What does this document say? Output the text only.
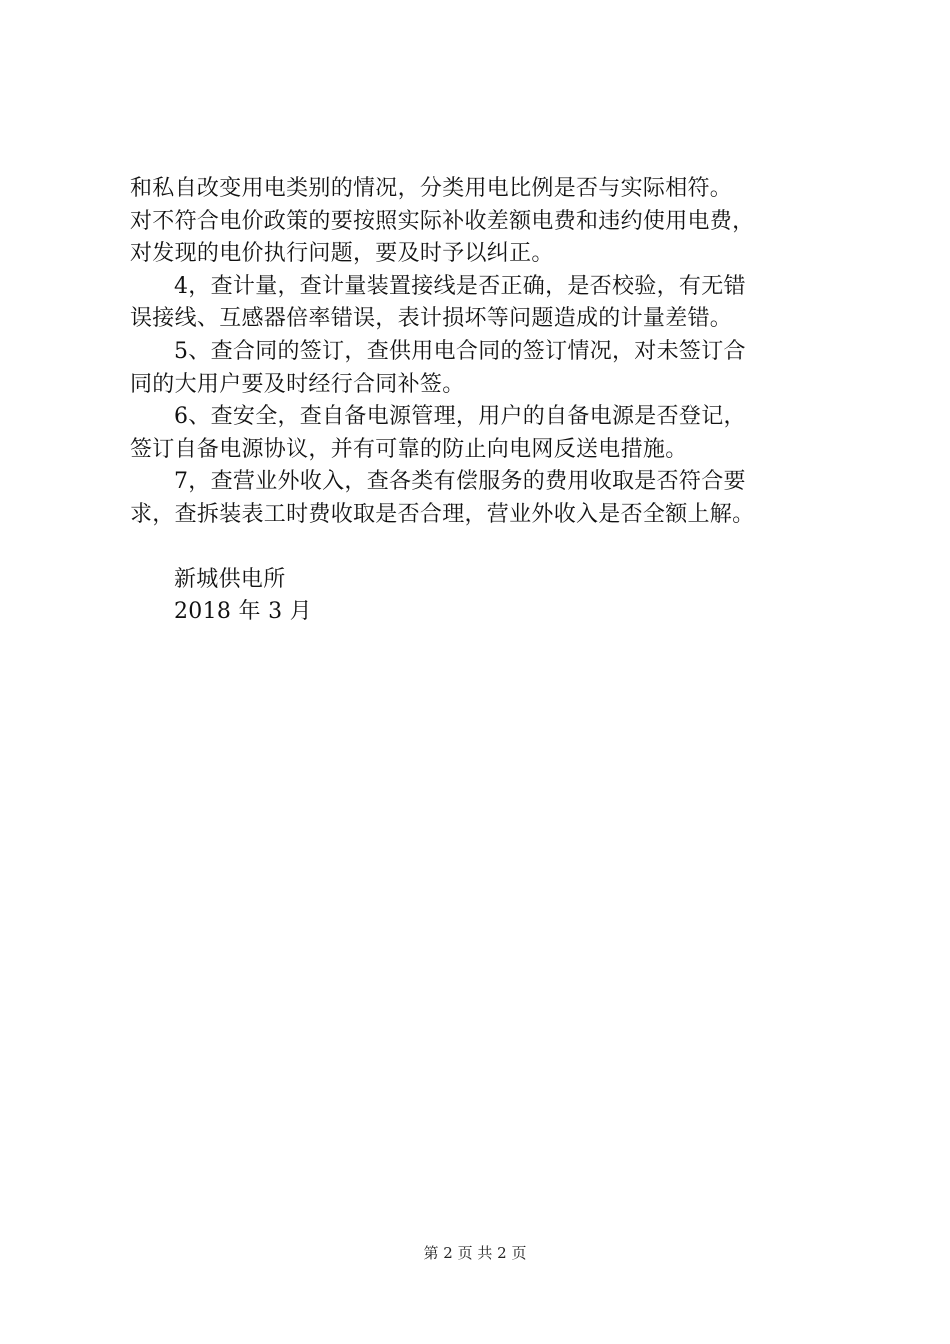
和私自改变用电类别的情况，分类用电比例是否与实际相符。
对不符合电价政策的要按照实际补收差额电费和违约使用电费，
对发现的电价执行问题，要及时予以纠正。
4，查计量，查计量装置接线是否正确，是否校验，有无错
误接线、互感器倍率错误，表计损坏等问题造成的计量差错。
5、查合同的签订，查供用电合同的签订情况，对未签订合
同的大用户要及时经行合同补签。
6、查安全，查自备电源管理，用户的自备电源是否登记，
签订自备电源协议，并有可靠的防止向电网反送电措施。
7，查营业外收入，查各类有偿服务的费用收取是否符合要
求，查拆装表工时费收取是否合理，营业外收入是否全额上解。
新城供电所
2018 年 3 月
第 2 页 共 2 页
